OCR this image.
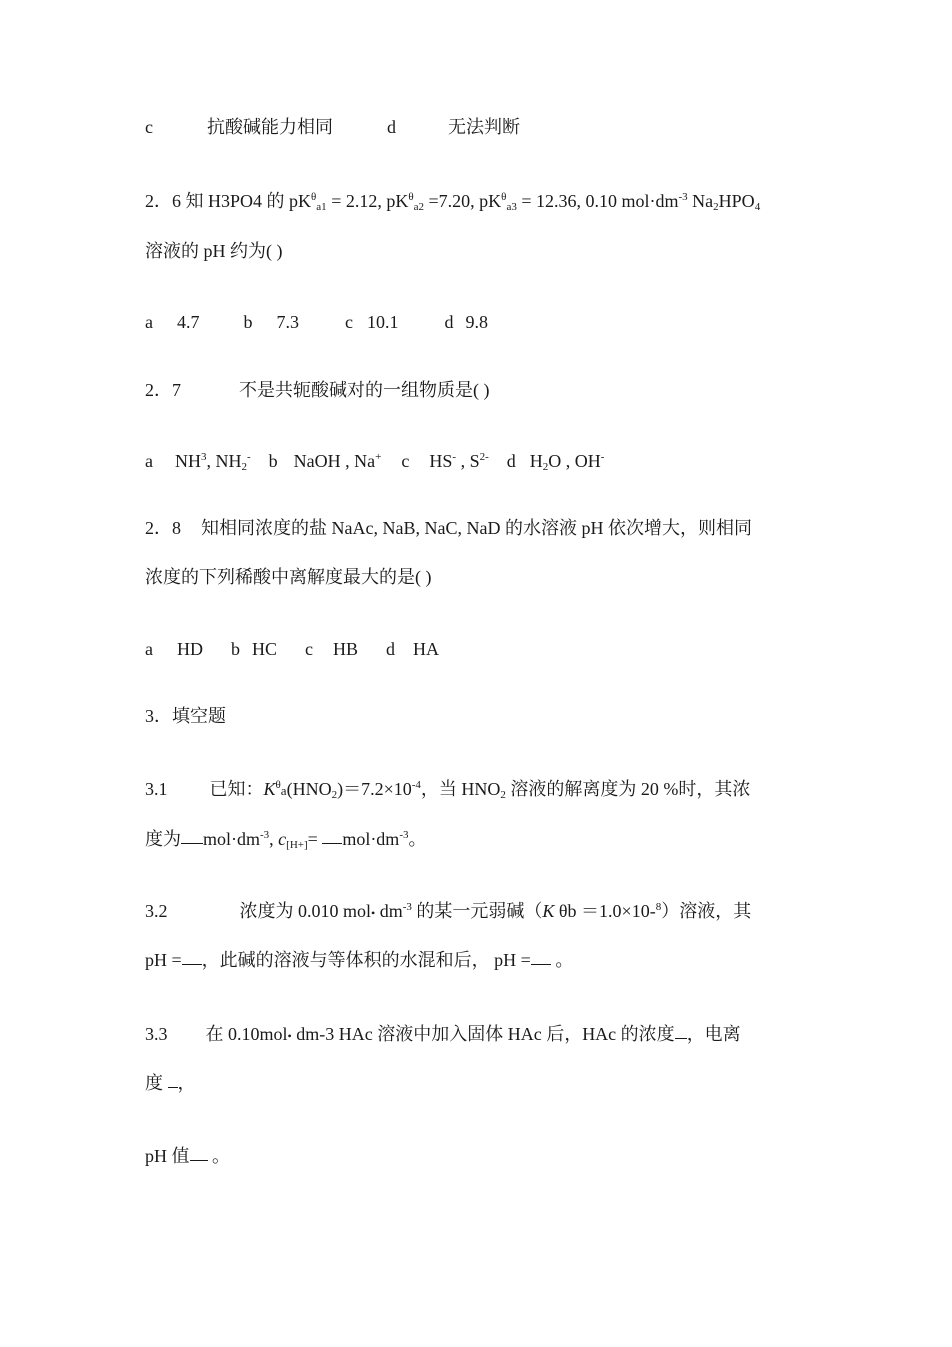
c	抗酸碱能力相同	d	无法判断
2．6 知 H3PO4 的 $pK^\theta_{a1} = 2.12$, $pK^\theta_{a2} =7.20$, $pK^\theta_{a3} = 12.36$, 0.10 $mol\cdot dm^{-3}$ $Na_2HPO_4$
溶液的 pH 约为( )
a 4.7 b 7.3	c 10.1	d 9.8
2．7	不是共轭酸碱对的一组物质是( )
a $NH^3$, $NH_2^-$ b NaOH , Na+ c HS- , $S^{2-}$ d $H_2O$ , OH-
2．8 知相同浓度的盐 NaAc, NaB, NaC, NaD 的水溶液 pH 依次增大，则相同
浓度的下列稀酸中离解度最大的是( )
a HD b HC c HB d HA
3．填空题
3.1 已知：$K^\theta a(HNO_2)=7.2\times 10^{-4}$，当 $HNO_2$ 溶液的解离度为 20 %时，其浓
度为 $mol\cdot dm^{-3}$, $c_{[H+]}= mol\cdot dm^{-3}$。
3.2	浓度为 0.010 mol• $dm^{-3}$ 的某一元弱碱（K θb ＝1.0×10-$^8$）溶液，其
pH = ，此碱的溶液与等体积的水混和后， pH = 。
3.3 在 0.10mol• dm-3 HAc 溶液中加入固体 HAc 后，HAc 的浓度 ，电离
度 ，
pH 值 。
